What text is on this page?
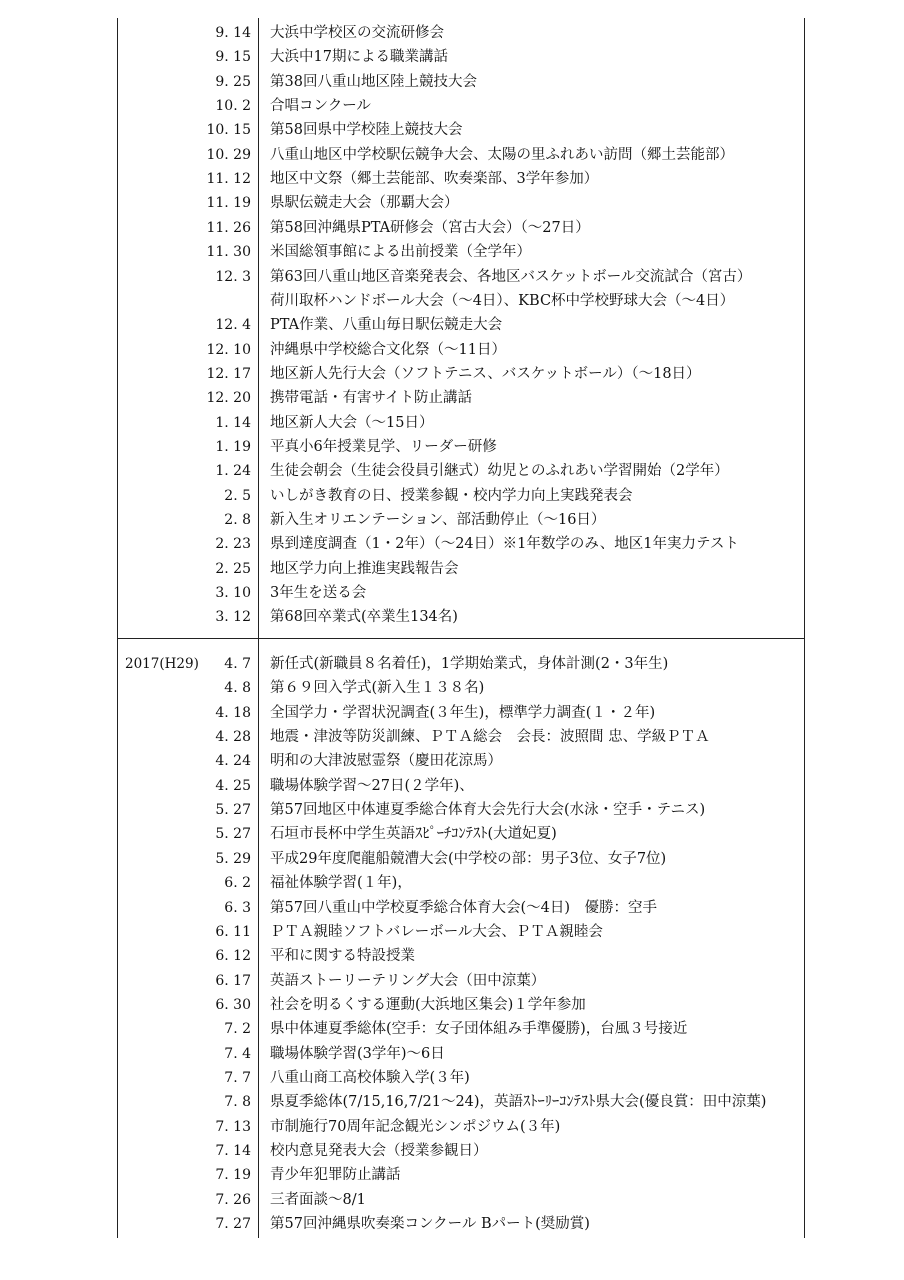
9. 14 大浜中学校区の交流研修会
9. 15 大浜中17期による職業講話
9. 25 第38回八重山地区陸上競技大会
10. 2 合唱コンクール
10. 15 第58回県中学校陸上競技大会
10. 29 八重山地区中学校駅伝競争大会、太陽の里ふれあい訪問（郷土芸能部）
11. 12 地区中文祭（郷土芸能部、吹奏楽部、3学年参加）
11. 19 県駅伝競走大会（那覇大会）
11. 26 第58回沖縄県PTA研修会（宮古大会）（～27日）
11. 30 米国総領事館による出前授業（全学年）
12. 3 第63回八重山地区音楽発表会、各地区バスケットボール交流試合（宮古）
荷川取杯ハンドボール大会（～4日）、KBC杯中学校野球大会（～4日）
12. 4 PTA作業、八重山毎日駅伝競走大会
12. 10 沖縄県中学校総合文化祭（～11日）
12. 17 地区新人先行大会（ソフトテニス、バスケットボール）（～18日）
12. 20 携帯電話・有害サイト防止講話
1. 14 地区新人大会（～15日）
1. 19 平真小6年授業見学、リーダー研修
1. 24 生徒会朝会（生徒会役員引継式）幼児とのふれあい学習開始（2学年）
2. 5 いしがき教育の日、授業参観・校内学力向上実践発表会
2. 8 新入生オリエンテーション、部活動停止（～16日）
2. 23 県到達度調査（1・2年）（～24日）※1年数学のみ、地区1年実力テスト
2. 25 地区学力向上推進実践報告会
3. 10 3年生を送る会
3. 12 第68回卒業式(卒業生134名)
2017(H29)	4. 7 新任式(新職員８名着任)，1学期始業式，身体計測(2・3年生)
4. 8 第６９回入学式(新入生１３８名)
4. 18 全国学力・学習状況調査(３年生)，標準学力調査(１・２年)
4. 28 地震・津波等防災訓練、ＰＴＡ総会　会長：波照間 忠、学級ＰＴＡ
4. 24 明和の大津波慰霊祭（慶田花涼馬）
4. 25 職場体験学習～27日(２学年)、
5. 27 第57回地区中体連夏季総合体育大会先行大会(水泳・空手・テニス)
5. 27 石垣市長杯中学生英語ｽﾋﾟｰﾁｺﾝﾃｽﾄ(大道妃夏)
5. 29 平成29年度爬龍船競漕大会(中学校の部：男子3位、女子7位)
6. 2 福祉体験学習(１年)，
6. 3 第57回八重山中学校夏季総合体育大会(～4日)　優勝：空手
6. 11 ＰＴＡ親睦ソフトバレーボール大会、ＰＴＡ親睦会
6. 12 平和に関する特設授業
6. 17 英語ストーリーテリング大会（田中涼葉）
6. 30 社会を明るくする運動(大浜地区集会)１学年参加
7. 2 県中体連夏季総体(空手：女子団体組み手準優勝)，台風３号接近
7. 4 職場体験学習(3学年)～6日
7. 7 八重山商工高校体験入学(３年)
7. 8 県夏季総体(7/15,16,7/21～24)，英語ｽﾄｰﾘｰｺﾝﾃｽﾄ県大会(優良賞：田中涼葉)
7. 13 市制施行70周年記念観光シンポジウム(３年)
7. 14 校内意見発表大会（授業参観日）
7. 19 青少年犯罪防止講話
7. 26 三者面談～8/1
7. 27 第57回沖縄県吹奏楽コンクール Bパート(奨励賞)
